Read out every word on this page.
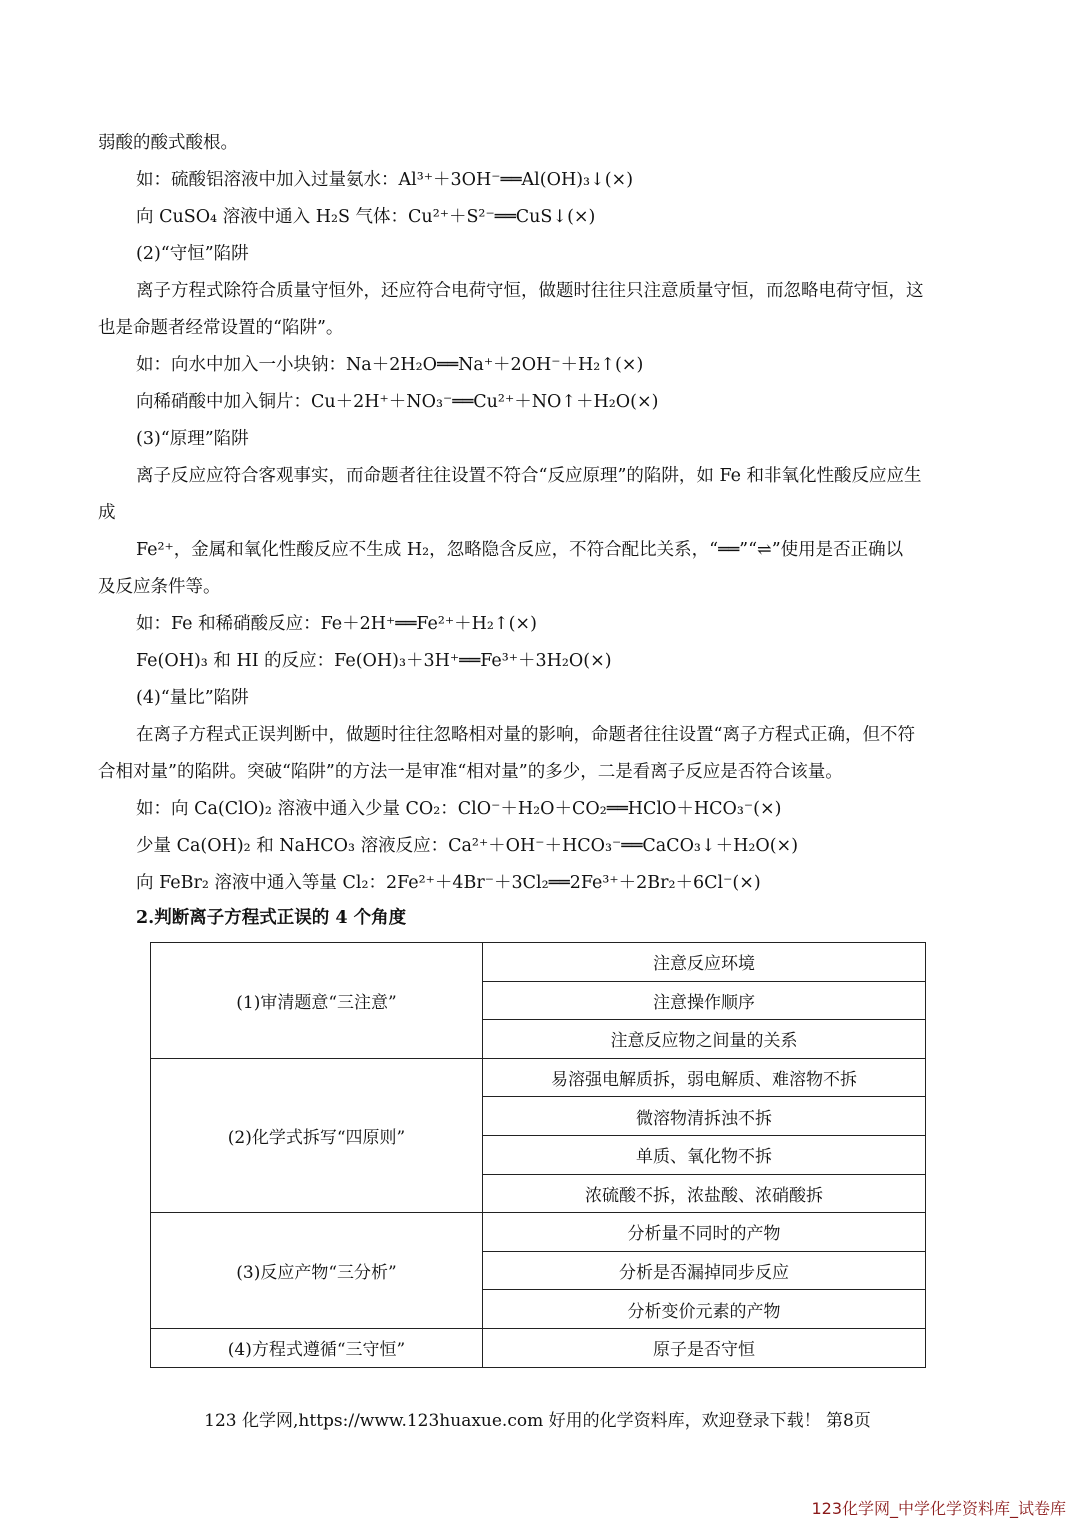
弱酸的酸式酸根。
如：硫酸铝溶液中加入过量氨水：Al³⁺＋3OH⁻══Al(OH)₃↓(×)
向 CuSO₄ 溶液中通入 H₂S 气体：Cu²⁺＋S²⁻══CuS↓(×)
(2)“守恒”陷阱
离子方程式除符合质量守恒外，还应符合电荷守恒，做题时往往只注意质量守恒，而忽略电荷守恒，这
也是命题者经常设置的“陷阱”。
如：向水中加入一小块钠：Na＋2H₂O══Na⁺＋2OH⁻＋H₂↑(×)
向稀硝酸中加入铜片：Cu＋2H⁺＋NO₃⁻══Cu²⁺＋NO↑＋H₂O(×)
(3)“原理”陷阱
离子反应应符合客观事实，而命题者往往设置不符合“反应原理”的陷阱，如 Fe 和非氧化性酸反应应生
成
Fe²⁺，金属和氧化性酸反应不生成 H₂，忽略隐含反应，不符合配比关系，“══”“⇌”使用是否正确以
及反应条件等。
如：Fe 和稀硝酸反应：Fe＋2H⁺══Fe²⁺＋H₂↑(×)
Fe(OH)₃ 和 HI 的反应：Fe(OH)₃＋3H⁺══Fe³⁺＋3H₂O(×)
(4)“量比”陷阱
在离子方程式正误判断中，做题时往往忽略相对量的影响，命题者往往设置“离子方程式正确，但不符
合相对量”的陷阱。突破“陷阱”的方法一是审准“相对量”的多少，二是看离子反应是否符合该量。
如：向 Ca(ClO)₂ 溶液中通入少量 CO₂：ClO⁻＋H₂O＋CO₂══HClO＋HCO₃⁻(×)
少量 Ca(OH)₂ 和 NaHCO₃ 溶液反应：Ca²⁺＋OH⁻＋HCO₃⁻══CaCO₃↓＋H₂O(×)
向 FeBr₂ 溶液中通入等量 Cl₂：2Fe²⁺＋4Br⁻＋3Cl₂══2Fe³⁺＋2Br₂＋6Cl⁻(×)
2.判断离子方程式正误的 4 个角度
(1)审清题意“三注意”	注意反应环境
	注意操作顺序
	注意反应物之间量的关系
(2)化学式拆写“四原则”	易溶强电解质拆，弱电解质、难溶物不拆
	微溶物清拆浊不拆
	单质、氧化物不拆
	浓硫酸不拆，浓盐酸、浓硝酸拆
(3)反应产物“三分析”	分析量不同时的产物
	分析是否漏掉同步反应
	分析变价元素的产物
(4)方程式遵循“三守恒”	原子是否守恒
123 化学网,https://www.123huaxue.com 好用的化学资料库，欢迎登录下载！ 第8页
123化学网_中学化学资料库_试卷库
